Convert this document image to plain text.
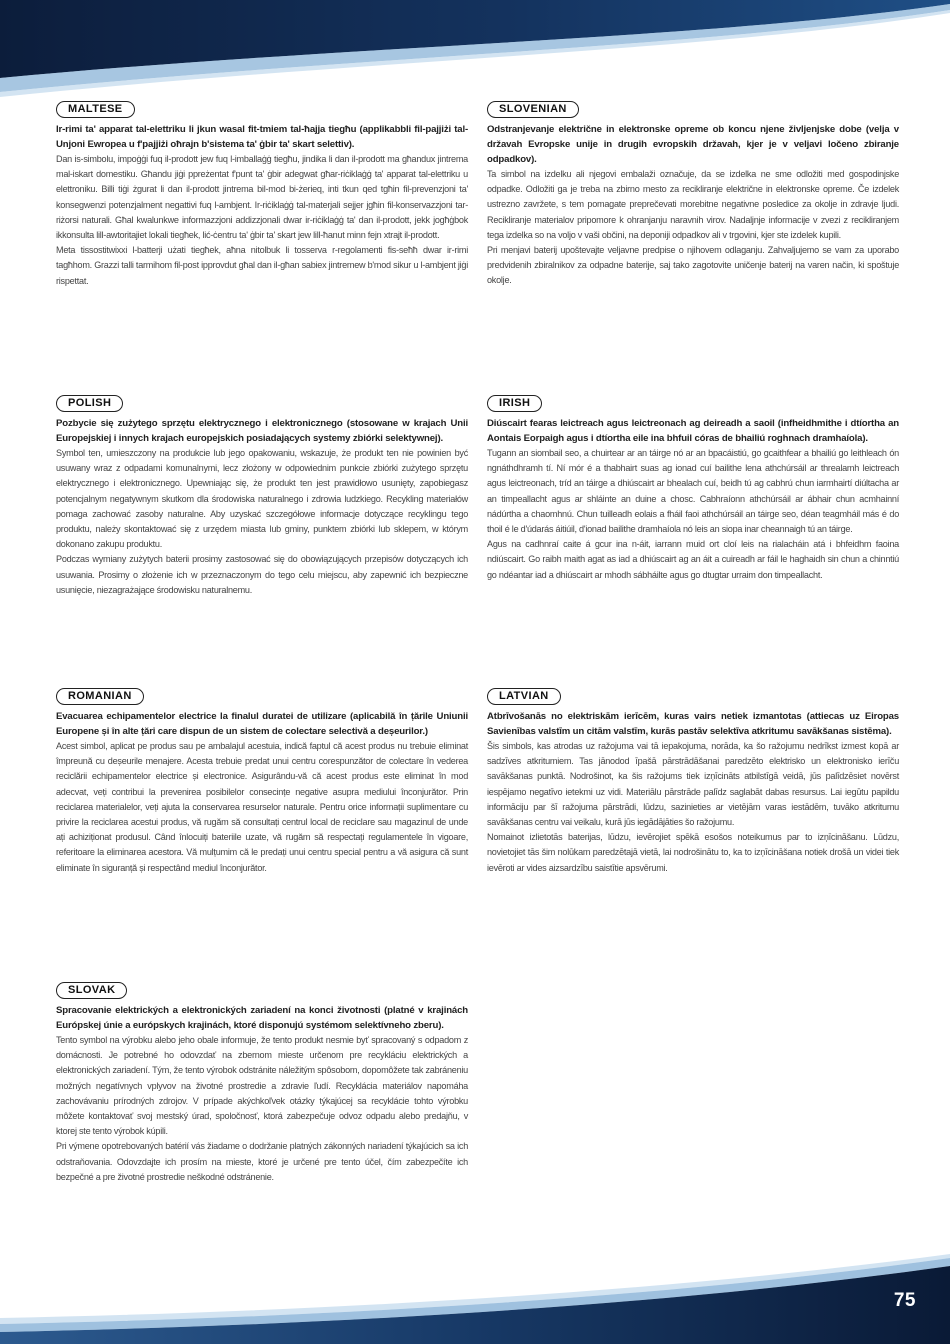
MALTESE
Ir-rimi ta' apparat tal-elettriku li jkun wasal fit-tmiem tal-ħajja tiegħu (applikabbli fil-pajjiżi tal-Unjoni Ewropea u f'pajjiżi oħrajn b'sistema ta' ġbir ta' skart selettiv).
Dan is-simbolu, impoġġi fuq il-prodott jew fuq l-imballaġġ tiegħu, jindika li dan il-prodott ma għandux jintrema mal-iskart domestiku. Għandu jiġi ppreżentat f'punt ta' ġbir adegwat għar-riċiklaġġ ta' apparat tal-elettriku u elettroniku. Billi tiġi żgurat li dan il-prodott jintrema bil-mod bi-żerieq, inti tkun qed tgħin fil-prevenzjoni ta' konsegwenzi potenzjalment negattivi fuq l-ambjent. Ir-riċiklaġġ tal-materjali sejjer jgħin fil-konservazzjoni tar-riżorsi naturali. Għal kwalunkwe informazzjoni addizzjonali dwar ir-riċiklaġġ ta' dan il-prodott, jekk jogħġbok ikkonsulta lill-awtoritajiet lokali tiegħek, lić-ċentru ta' ġbir ta' skart jew lill-ħanut minn fejn xtrajt il-prodott.
Meta tissostitwixxi l-batterji użati tiegħek, aħna nitolbuk li tosserva r-regolamenti fis-seħħ dwar ir-rimi tagħhom. Grazzi talli tarmihom fil-post ipprovdut għal dan il-għan sabiex jintremew b'mod sikur u l-ambjent jiġi rispettat.
SLOVENIAN
Odstranjevanje električne in elektronske opreme ob koncu njene življenjske dobe (velja v državah Evropske unije in drugih evropskih državah, kjer je v veljavi ločeno zbiranje odpadkov).
Ta simbol na izdelku ali njegovi embalaži označuje, da se izdelka ne sme odložiti med gospodinjske odpadke. Odložiti ga je treba na zbirno mesto za recikliranje električne in elektronske opreme. Če izdelek ustrezno zavržete, s tem pomagate preprečevati morebitne negativne posledice za okolje in zdravje ljudi. Recikliranje materialov pripomore k ohranjanju naravnih virov. Nadaljnje informacije v zvezi z recikliranjem tega izdelka so na voljo v vaši občini, na deponiji odpadkov ali v trgovini, kjer ste izdelek kupili.
Pri menjavi baterij upoštevajte veljavne predpise o njihovem odlaganju. Zahvaljujemo se vam za uporabo predvidenih zbiralnikov za odpadne baterije, saj tako zagotovite uničenje baterij na varen način, ki spoštuje okolje.
POLISH
Pozbycie się zużytego sprzętu elektrycznego i elektronicznego (stosowane w krajach Unii Europejskiej i innych krajach europejskich posiadających systemy zbiórki selektywnej).
Symbol ten, umieszczony na produkcie lub jego opakowaniu, wskazuje, że produkt ten nie powinien być usuwany wraz z odpadami komunalnymi, lecz złożony w odpowiednim punkcie zbiórki zużytego sprzętu elektrycznego i elektronicznego. Upewniając się, że produkt ten jest prawidłowo usunięty, zapobiegasz potencjalnym negatywnym skutkom dla środowiska naturalnego i zdrowia ludzkiego. Recykling materiałów pomaga zachować zasoby naturalne. Aby uzyskać szczegółowe informacje dotyczące recyklingu tego produktu, należy skontaktować się z urzędem miasta lub gminy, punktem zbiórki lub sklepem, w którym dokonano zakupu produktu.
Podczas wymiany zużytych baterii prosimy zastosować się do obowiązujących przepisów dotyczących ich usuwania. Prosimy o złożenie ich w przeznaczonym do tego celu miejscu, aby zapewnić ich bezpieczne usunięcie, niezagrażające środowisku naturalnemu.
IRISH
Diúscairt fearas leictreach agus leictreonach ag deireadh a saoil (infheidhmithe i dtíortha an Aontais Eorpaigh agus i dtíortha eile ina bhfuil córas de bhailiú roghnach dramhaíola).
Tugann an siombail seo, a chuirtear ar an táirge nó ar an bpacáistiú, go gcaithfear a bhailiú go leithleach ón ngnáthdhramh tí. Ní mór é a thabhairt suas ag ionad cuí bailithe lena athchúrsáil ar threalamh leictreach agus leictreonach, tríd an táirge a dhiúscairt ar bhealach cuí, beidh tú ag cabhrú chun iarmhairtí diúltacha ar an timpeallacht agus ar shláinte an duine a chosc. Cabhraíonn athchúrsáil ar ábhair chun acmhainní nádúrtha a chaomhnú. Chun tuilleadh eolais a fháil faoi athchúrsáil an táirge seo, déan teagmháil más é do thoil é le d'údarás áitiúil, d'ionad bailithe dramhaíola nó leis an siopa inar cheannaigh tú an táirge.
Agus na cadhnraí caite á gcur ina n-áit, iarrann muid ort cloí leis na rialacháin atá i bhfeidhm faoina ndiúscairt. Go raibh maith agat as iad a dhiúscairt ag an áit a cuireadh ar fáil le haghaidh sin chun a chinntiú go ndéantar iad a dhiúscairt ar mhodh sábháilte agus go dtugtar urraim don timpeallacht.
ROMANIAN
Evacuarea echipamentelor electrice la finalul duratei de utilizare (aplicabilă în țările Uniunii Europene și în alte țări care dispun de un sistem de colectare selectivă a deșeurilor.)
Acest simbol, aplicat pe produs sau pe ambalajul acestuia, indică faptul că acest produs nu trebuie eliminat împreună cu deșeurile menajere. Acesta trebuie predat unui centru corespunzător de colectare în vederea reciclării echipamentelor electrice și electronice. Asigurându-vă că acest produs este eliminat în mod adecvat, veți contribui la prevenirea posibilelor consecințe negative asupra mediului înconjurător. Prin reciclarea materialelor, veți ajuta la conservarea resurselor naturale. Pentru orice informații suplimentare cu privire la reciclarea acestui produs, vă rugăm să consultați centrul local de reciclare sau magazinul de unde ați achiziționat produsul. Când înlocuiți bateriile uzate, vă rugăm să respectați regulamentele în vigoare, referitoare la eliminarea acestora. Vă mulțumim că le predați unui centru special pentru a vă asigura că sunt eliminate în siguranță și respectând mediul înconjurător.
LATVIAN
Atbrīvošanās no elektriskām ierīcēm, kuras vairs netiek izmantotas (attiecas uz Eiropas Savienības valstīm un citām valstīm, kurās pastāv selektīva atkritumu savākšanas sistēma).
Šis simbols, kas atrodas uz ražojuma vai tā iepakojuma, norāda, ka šo ražojumu nedrīkst izmest kopā ar sadzīves atkritumiem. Tas jānodod īpašā pārstrādāšanai paredzēto elektrisko un elektronisko ierīču savākšanas punktā. Nodrošinot, ka šis ražojums tiek izņīcināts atbilstīgā veidā, jūs palīdzēsiet novērst iespējamo negatīvo ietekmi uz vidi. Materiālu pārstrāde palīdz saglabāt dabas resursus. Lai iegūtu papildu informāciju par šī ražojuma pārstrādi, lūdzu, sazinieties ar vietējām varas iestādēm, tuvāko atkritumu savākšanas centru vai veikalu, kurā jūs iegādājāties šo ražojumu.
Nomainot izlietotās baterijas, lūdzu, ievērojiet spēkā esošos noteikumus par to izņīcināšanu. Lūdzu, novietojiet tās šim nolūkam paredzētajā vietā, lai nodrošinātu to, ka to izņīcināšana notiek drošā un videi tiek ievēroti ar vides aizsardzību saistītie apsvērumi.
SLOVAK
Spracovanie elektrických a elektronických zariadení na konci životnosti (platné v krajinách Európskej únie a európskych krajinách, ktoré disponujú systémom selektívneho zberu).
Tento symbol na výrobku alebo jeho obale informuje, že tento produkt nesmie byť spracovaný s odpadom z domácnosti. Je potrebné ho odovzdať na zbernom mieste určenom pre recykláciu elektrických a elektronických zariadení. Tým, že tento výrobok odstránite náležitým spôsobom, dopomôžete tak zabráneniu možných negatívnych vplyvov na životné prostredie a zdravie ľudí. Recyklácia materiálov napomáha zachovávaniu prírodných zdrojov. V prípade akýchkoľvek otázky týkajúcej sa recyklácie tohto výrobku môžete kontaktovať svoj mestský úrad, spoločnosť, ktorá zabezpečuje odvoz odpadu alebo predajňu, v ktorej ste tento výrobok kúpili.
Pri výmene opotrebovaných batérií vás žiadame o dodržanie platných zákonných nariadení týkajúcich sa ich odstraňovania. Odovzdajte ich prosím na mieste, ktoré je určené pre tento účel, čím zabezpečíte ich bezpečné a pre životné prostredie neškodné odstránenie.
75
